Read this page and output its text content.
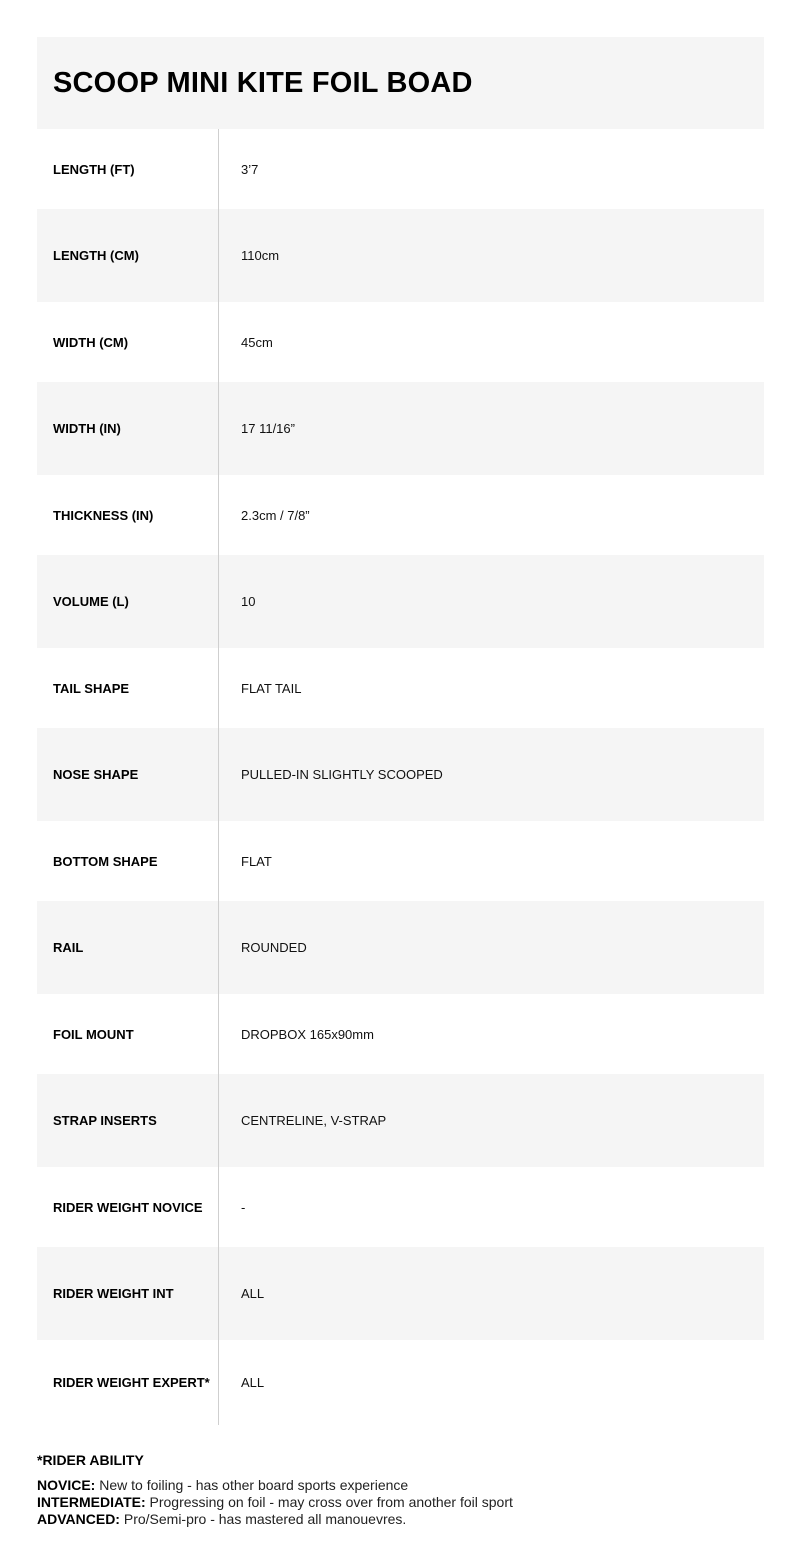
SCOOP MINI KITE FOIL BOAD
LENGTH (FT)	3’7
LENGTH (CM)	110cm
WIDTH (CM)	45cm
WIDTH (IN)	17 11/16”
THICKNESS (IN)	2.3cm / 7/8”
VOLUME (L)	10
TAIL SHAPE	FLAT TAIL
NOSE SHAPE	PULLED-IN SLIGHTLY SCOOPED
BOTTOM SHAPE	FLAT
RAIL	ROUNDED
FOIL MOUNT	DROPBOX 165x90mm
STRAP INSERTS	CENTRELINE, V-STRAP
RIDER WEIGHT NOVICE	-
RIDER WEIGHT INT	ALL
RIDER WEIGHT EXPERT*	ALL
*RIDER ABILITY
NOVICE: New to foiling - has other board sports experience
INTERMEDIATE: Progressing on foil - may cross over from another foil sport
ADVANCED: Pro/Semi-pro - has mastered all manouevres.
